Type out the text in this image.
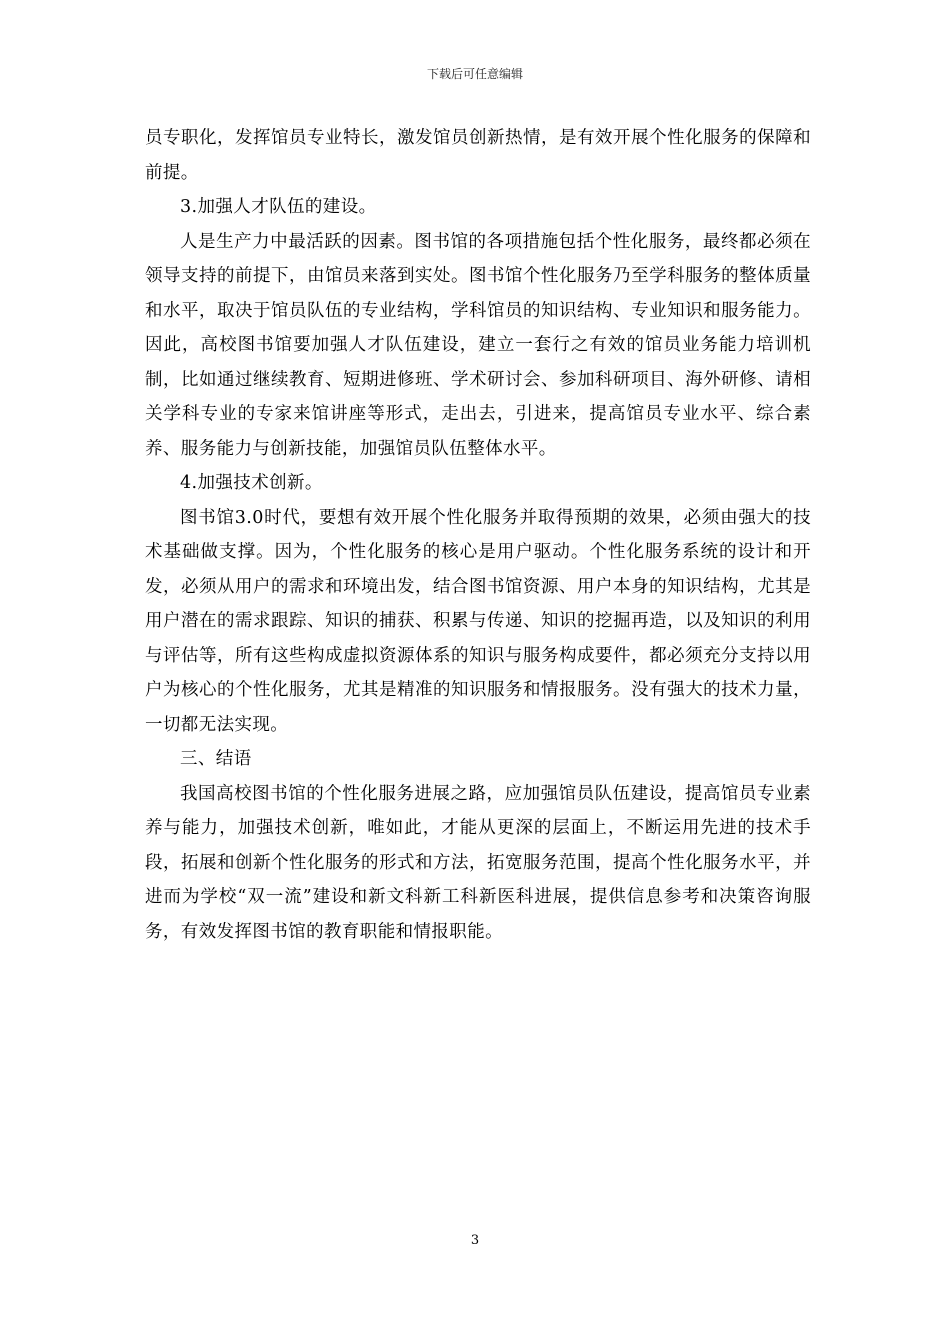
下载后可任意编辑

员专职化，发挥馆员专业特长，激发馆员创新热情，是有效开展个性化服务的保障和前提。

3.加强人才队伍的建设。

人是生产力中最活跃的因素。图书馆的各项措施包括个性化服务，最终都必须在领导支持的前提下，由馆员来落到实处。图书馆个性化服务乃至学科服务的整体质量和水平，取决于馆员队伍的专业结构，学科馆员的知识结构、专业知识和服务能力。因此，高校图书馆要加强人才队伍建设，建立一套行之有效的馆员业务能力培训机制，比如通过继续教育、短期进修班、学术研讨会、参加科研项目、海外研修、请相关学科专业的专家来馆讲座等形式，走出去，引进来，提高馆员专业水平、综合素养、服务能力与创新技能，加强馆员队伍整体水平。

4.加强技术创新。

图书馆3.0时代，要想有效开展个性化服务并取得预期的效果，必须由强大的技术基础做支撑。因为，个性化服务的核心是用户驱动。个性化服务系统的设计和开发，必须从用户的需求和环境出发，结合图书馆资源、用户本身的知识结构，尤其是用户潜在的需求跟踪、知识的捕获、积累与传递、知识的挖掘再造，以及知识的利用与评估等，所有这些构成虚拟资源体系的知识与服务构成要件，都必须充分支持以用户为核心的个性化服务，尤其是精准的知识服务和情报服务。没有强大的技术力量，一切都无法实现。

三、结语

我国高校图书馆的个性化服务进展之路，应加强馆员队伍建设，提高馆员专业素养与能力，加强技术创新，唯如此，才能从更深的层面上，不断运用先进的技术手段，拓展和创新个性化服务的形式和方法，拓宽服务范围，提高个性化服务水平，并进而为学校“双一流”建设和新文科新工科新医科进展，提供信息参考和决策咨询服务，有效发挥图书馆的教育职能和情报职能。

3
